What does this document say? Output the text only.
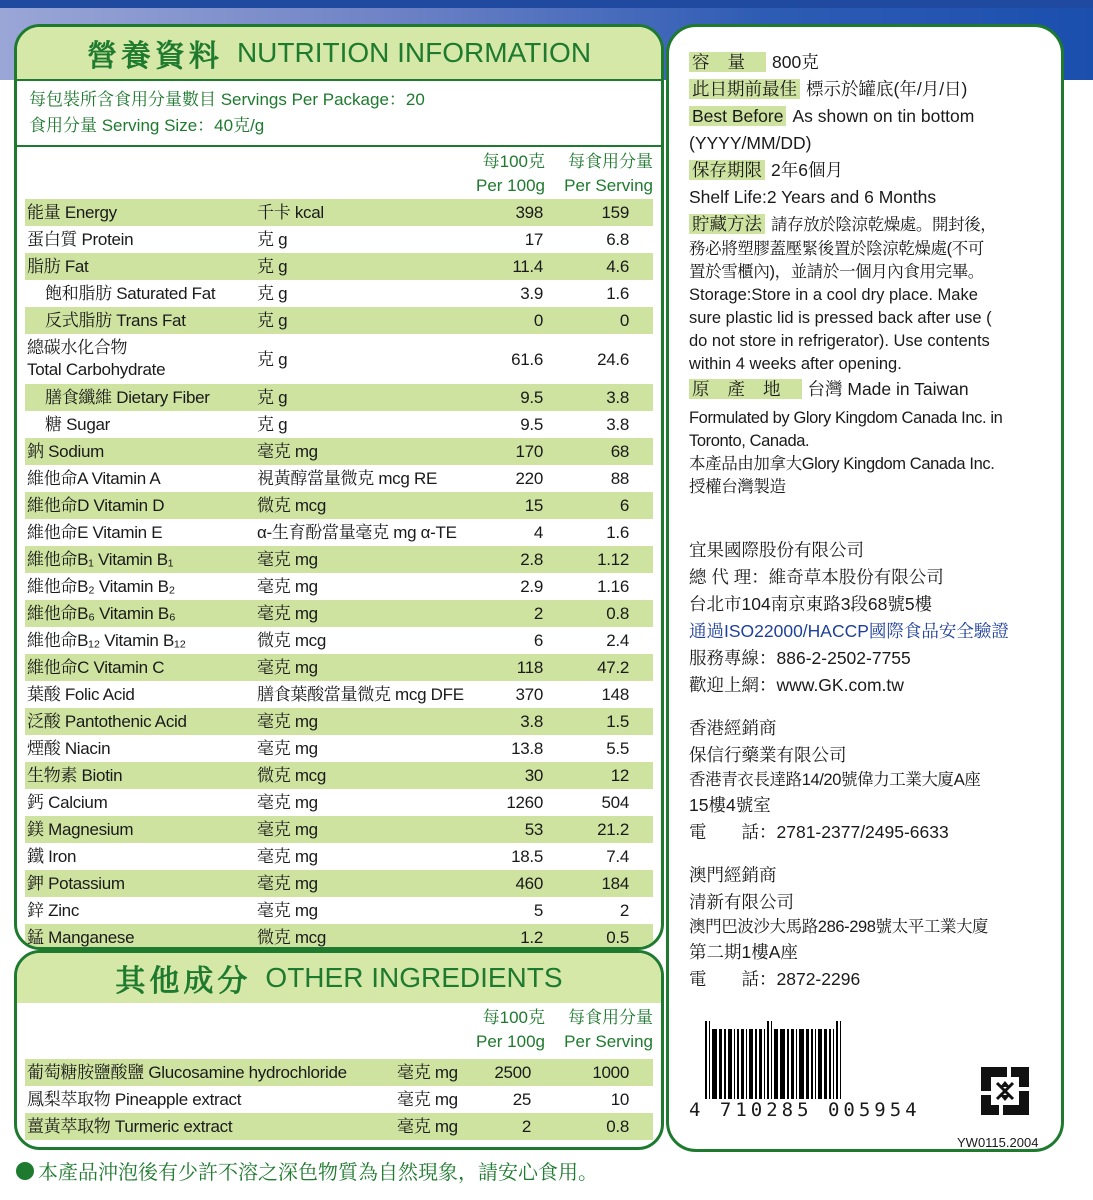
營養資料 NUTRITION INFORMATION
每包裝所含食用分量數目 Servings Per Package：20
食用分量 Serving Size：40克/g
每100克
Per 100g
每食用分量
Per Serving
能量 Energy	千卡 kcal	398	159
蛋白質 Protein	克 g	17	6.8
脂肪 Fat	克 g	11.4	4.6
飽和脂肪 Saturated Fat 克 g	3.9	1.6
反式脂肪 Trans Fat	克 g	0	0
總碳水化合物
Total Carbohydrate
克 g	61.6	24.6
膳食纖維 Dietary Fiber	克 g	9.5	3.8
糖 Sugar	克 g	9.5	3.8
鈉 Sodium	毫克 mg	170	68
維他命A Vitamin A	視黃醇當量微克 mcg RE	220	88
維他命D Vitamin D	微克 mcg	15	6
維他命E Vitamin E	α-生育酚當量毫克 mg α-TE	4	1.6
維他命B₁ Vitamin B₁	毫克 mg	2.8	1.12
維他命B₂ Vitamin B₂	毫克 mg	2.9	1.16
維他命B₆ Vitamin B₆	毫克 mg	2	0.8
維他命B₁₂ Vitamin B₁₂	微克 mcg	6	2.4
維他命C Vitamin C	毫克 mg	118	47.2
葉酸 Folic Acid	膳食葉酸當量微克 mcg DFE	370	148
泛酸 Pantothenic Acid	毫克 mg	3.8	1.5
煙酸 Niacin	毫克 mg	13.8	5.5
生物素 Biotin	微克 mcg	30	12
鈣 Calcium	毫克 mg	1260	504
鎂 Magnesium	毫克 mg	53	21.2
鐵 Iron	毫克 mg	18.5	7.4
鉀 Potassium	毫克 mg	460	184
鋅 Zinc	毫克 mg	5	2
錳 Manganese	微克 mcg	1.2	0.5
其他成分 OTHER INGREDIENTS
每100克
Per 100g
每食用分量
Per Serving
葡萄糖胺鹽酸鹽 Glucosamine hydrochloride	毫克 mg 2500	1000
鳳梨萃取物 Pineapple extract	毫克 mg	25	10
薑黃萃取物 Turmeric extract	毫克 mg	2	0.8
本產品沖泡後有少許不溶之深色物質為自然現象，請安心食用。
容量 800克
此日期前最佳 標示於罐底(年/月/日)
Best Before As shown on tin bottom
(YYYY/MM/DD)
保存期限 2年6個月
Shelf Life:2 Years and 6 Months
貯藏方法 請存放於陰涼乾燥處。開封後，
務必將塑膠蓋壓緊後置於陰涼乾燥處(不可
置於雪櫃內)，並請於一個月內食用完畢。
Storage:Store in a cool dry place. Make
sure plastic lid is pressed back after use (
do not store in refrigerator). Use contents
within 4 weeks after opening.
原產地 台灣 Made in Taiwan
Formulated by Glory Kingdom Canada Inc. in
Toronto, Canada.
本產品由加拿大Glory Kingdom Canada Inc.
授權台灣製造
宜果國際股份有限公司
總 代 理：維奇草本股份有限公司
台北市104南京東路3段68號5樓
通過ISO22000/HACCP國際食品安全驗證
服務專線：886-2-2502-7755
歡迎上網：www.GK.com.tw
香港經銷商
保信行藥業有限公司
香港青衣長達路14/20號偉力工業大廈A座
15樓4號室
電　　話：2781-2377/2495-6633
澳門經銷商
清新有限公司
澳門巴波沙大馬路286-298號太平工業大廈
第二期1樓A座
電　　話：2872-2296
4 710285 005954
YW0115.2004
